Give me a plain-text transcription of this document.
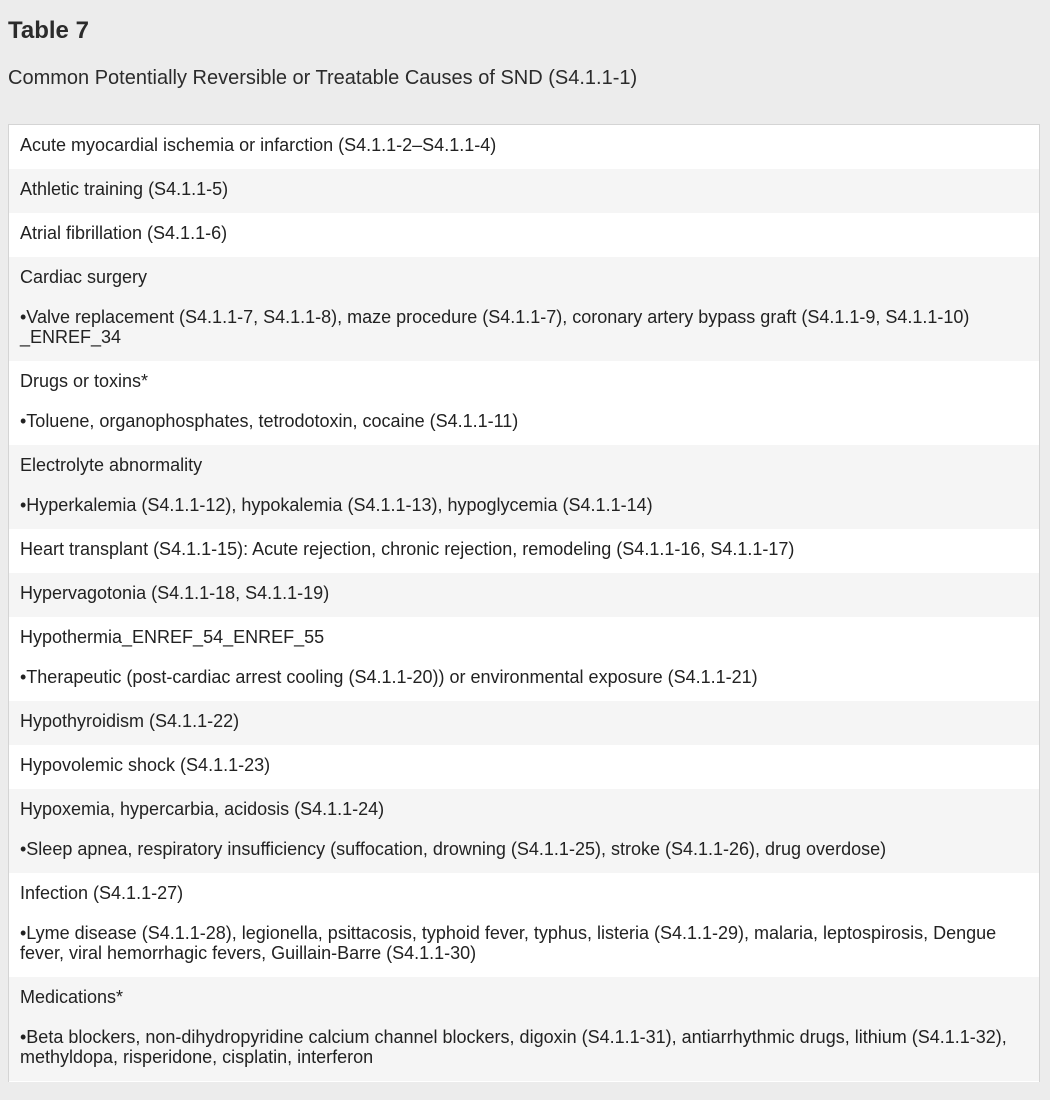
Table 7

Common Potentially Reversible or Treatable Causes of SND (S4.1.1-1)

Acute myocardial ischemia or infarction (S4.1.1-2–S4.1.1-4)

Athletic training (S4.1.1-5)

Atrial fibrillation (S4.1.1-6)

Cardiac surgery

•Valve replacement (S4.1.1-7, S4.1.1-8), maze procedure (S4.1.1-7), coronary artery bypass graft (S4.1.1-9, S4.1.1-10) _ENREF_34

Drugs or toxins*

•Toluene, organophosphates, tetrodotoxin, cocaine (S4.1.1-11)

Electrolyte abnormality

•Hyperkalemia (S4.1.1-12), hypokalemia (S4.1.1-13), hypoglycemia (S4.1.1-14)

Heart transplant (S4.1.1-15): Acute rejection, chronic rejection, remodeling (S4.1.1-16, S4.1.1-17)

Hypervagotonia (S4.1.1-18, S4.1.1-19)

Hypothermia_ENREF_54_ENREF_55

•Therapeutic (post-cardiac arrest cooling (S4.1.1-20)) or environmental exposure (S4.1.1-21)

Hypothyroidism (S4.1.1-22)

Hypovolemic shock (S4.1.1-23)

Hypoxemia, hypercarbia, acidosis (S4.1.1-24)

•Sleep apnea, respiratory insufficiency (suffocation, drowning (S4.1.1-25), stroke (S4.1.1-26), drug overdose)

Infection (S4.1.1-27)

•Lyme disease (S4.1.1-28), legionella, psittacosis, typhoid fever, typhus, listeria (S4.1.1-29), malaria, leptospirosis, Dengue fever, viral hemorrhagic fevers, Guillain-Barre (S4.1.1-30)

Medications*

•Beta blockers, non-dihydropyridine calcium channel blockers, digoxin (S4.1.1-31), antiarrhythmic drugs, lithium (S4.1.1-32), methyldopa, risperidone, cisplatin, interferon
